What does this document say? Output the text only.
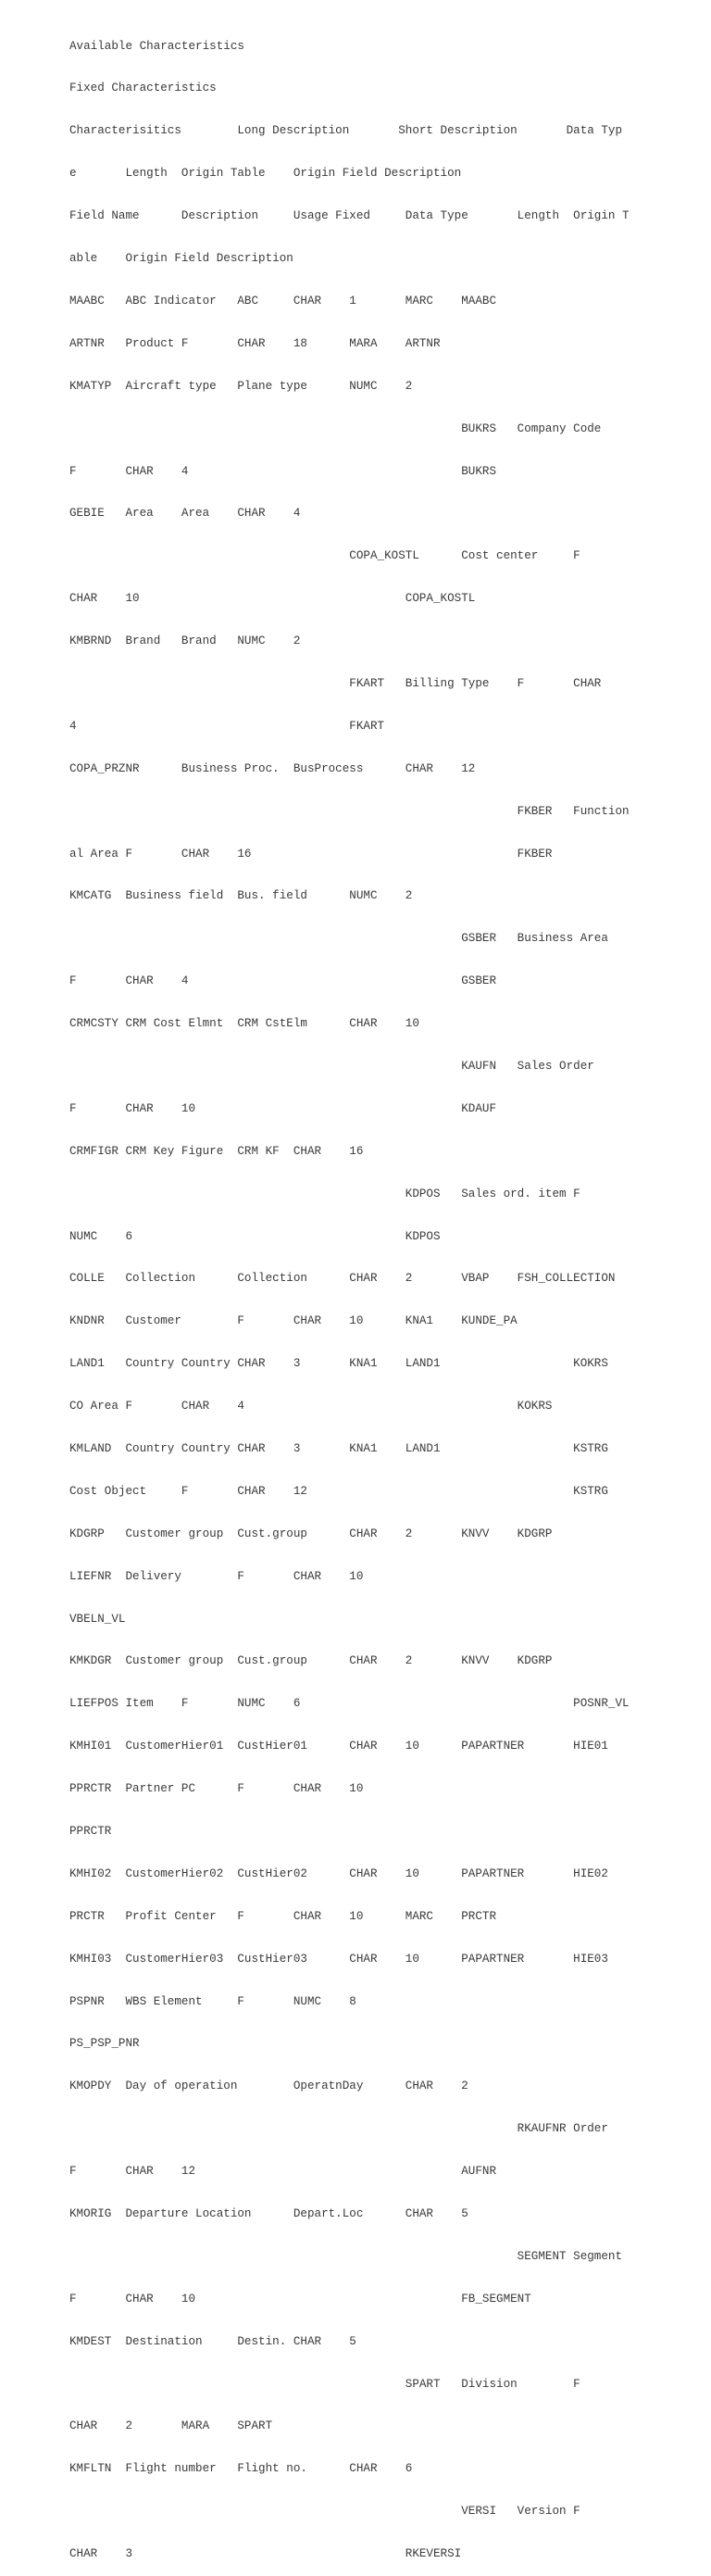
Available Characteristics

Fixed Characteristics

Characterisitics        Long Description       Short Description       Data Typ

e       Length  Origin Table    Origin Field Description

Field Name      Description     Usage Fixed     Data Type       Length  Origin T

able    Origin Field Description

MAABC   ABC Indicator   ABC     CHAR    1       MARC    MAABC

ARTNR   Product F       CHAR    18      MARA    ARTNR

KMATYP  Aircraft type   Plane type      NUMC    2

BUKRS   Company Code

F       CHAR    4                                       BUKRS

GEBIE   Area    Area    CHAR    4

COPA_KOSTL      Cost center     F

CHAR    10                                      COPA_KOSTL

KMBRND  Brand   Brand   NUMC    2

FKART   Billing Type    F       CHAR

4                                       FKART

COPA_PRZNR      Business Proc.  BusProcess      CHAR    12

FKBER   Function

al Area F       CHAR    16                                      FKBER

KMCATG  Business field  Bus. field      NUMC    2

GSBER   Business Area

F       CHAR    4                                       GSBER

CRMCSTY CRM Cost Elmnt  CRM CstElm      CHAR    10

KAUFN   Sales Order

F       CHAR    10                                      KDAUF

CRMFIGR CRM Key Figure  CRM KF  CHAR    16

KDPOS   Sales ord. item F

NUMC    6                                       KDPOS

COLLE   Collection      Collection      CHAR    2       VBAP    FSH_COLLECTION

KNDNR   Customer        F       CHAR    10      KNA1    KUNDE_PA

LAND1   Country Country CHAR    3       KNA1    LAND1                   KOKRS

CO Area F       CHAR    4                                       KOKRS

KMLAND  Country Country CHAR    3       KNA1    LAND1                   KSTRG

Cost Object     F       CHAR    12                                      KSTRG

KDGRP   Customer group  Cust.group      CHAR    2       KNVV    KDGRP

LIEFNR  Delivery        F       CHAR    10

VBELN_VL

KMKDGR  Customer group  Cust.group      CHAR    2       KNVV    KDGRP

LIEFPOS Item    F       NUMC    6                                       POSNR_VL

KMHI01  CustomerHier01  CustHier01      CHAR    10      PAPARTNER       HIE01

PPRCTR  Partner PC      F       CHAR    10

PPRCTR

KMHI02  CustomerHier02  CustHier02      CHAR    10      PAPARTNER       HIE02

PRCTR   Profit Center   F       CHAR    10      MARC    PRCTR

KMHI03  CustomerHier03  CustHier03      CHAR    10      PAPARTNER       HIE03

PSPNR   WBS Element     F       NUMC    8

PS_PSP_PNR

KMOPDY  Day of operation        OperatnDay      CHAR    2

RKAUFNR Order

F       CHAR    12                                      AUFNR

KMORIG  Departure Location      Depart.Loc      CHAR    5

SEGMENT Segment

F       CHAR    10                                      FB_SEGMENT

KMDEST  Destination     Destin. CHAR    5

SPART   Division        F

CHAR    2       MARA    SPART

KMFLTN  Flight number   Flight no.      CHAR    6

VERSI   Version F

CHAR    3                                       RKEVERSI
